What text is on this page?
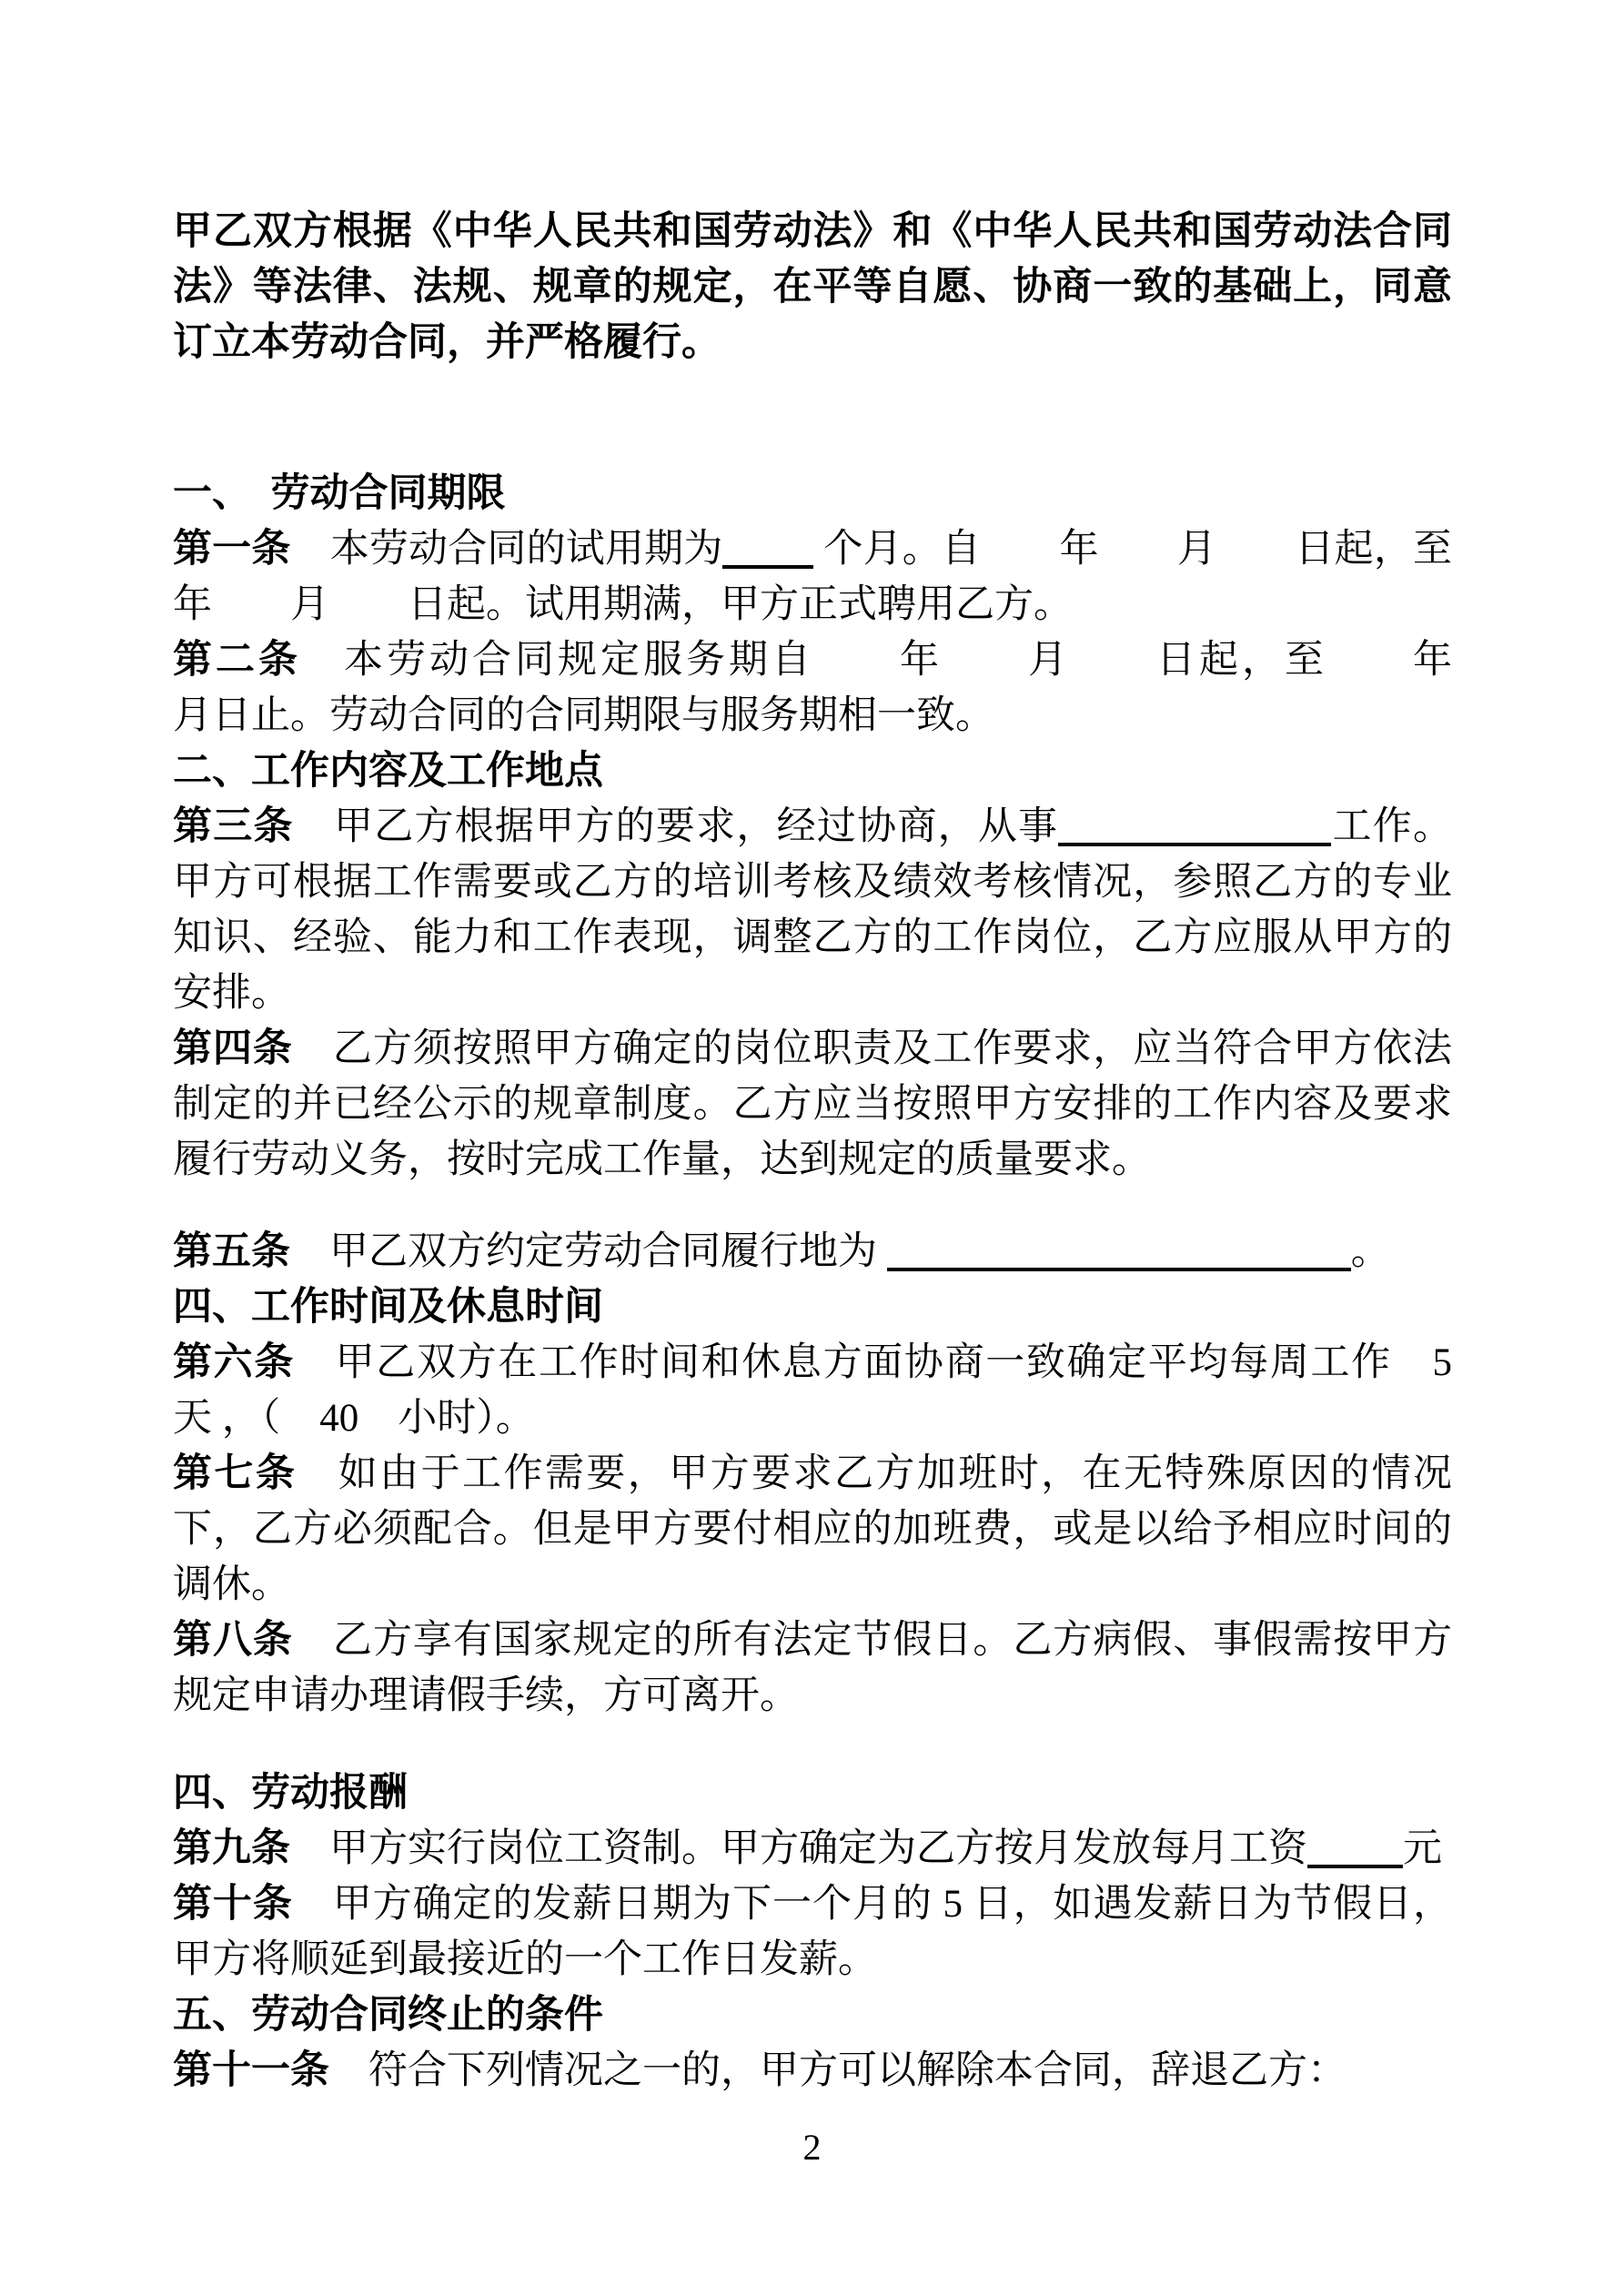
甲乙双方根据《中华人民共和国劳动法》和《中华人民共和国劳动法合同法》等法律、法规、规章的规定，在平等自愿、协商一致的基础上，同意订立本劳动合同，并严格履行。
一、　劳动合同期限
第一条　本劳动合同的试用期为 个月。自　　年　　月　　日起，至年　　月　　日起。试用期满，甲方正式聘用乙方。
第二条　本劳动合同规定服务期自　　年　　月　　日起，至　　年　　月日止。劳动合同的合同期限与服务期相一致。
二、工作内容及工作地点
第三条　甲乙方根据甲方的要求，经过协商，从事	工作。甲方可根据工作需要或乙方的培训考核及绩效考核情况，参照乙方的专业知识、经验、能力和工作表现，调整乙方的工作岗位，乙方应服从甲方的安排。
第四条　乙方须按照甲方确定的岗位职责及工作要求，应当符合甲方依法制定的并已经公示的规章制度。乙方应当按照甲方安排的工作内容及要求履行劳动义务，按时完成工作量，达到规定的质量要求。
第五条　甲乙双方约定劳动合同履行地为	。
四、工作时间及休息时间
第六条　甲乙双方在工作时间和休息方面协商一致确定平均每周工作　5　天 ，（　40　小时）。
第七条　如由于工作需要，甲方要求乙方加班时，在无特殊原因的情况下，乙方必须配合。但是甲方要付相应的加班费，或是以给予相应时间的调休。
第八条　乙方享有国家规定的所有法定节假日。乙方病假、事假需按甲方规定申请办理请假手续，方可离开。
四、劳动报酬
第九条　甲方实行岗位工资制。甲方确定为乙方按月发放每月工资 元
第十条　甲方确定的发薪日期为下一个月的 5 日，如遇发薪日为节假日，甲方将顺延到最接近的一个工作日发薪。
五、劳动合同终止的条件
第十一条　符合下列情况之一的，甲方可以解除本合同，辞退乙方：
2
